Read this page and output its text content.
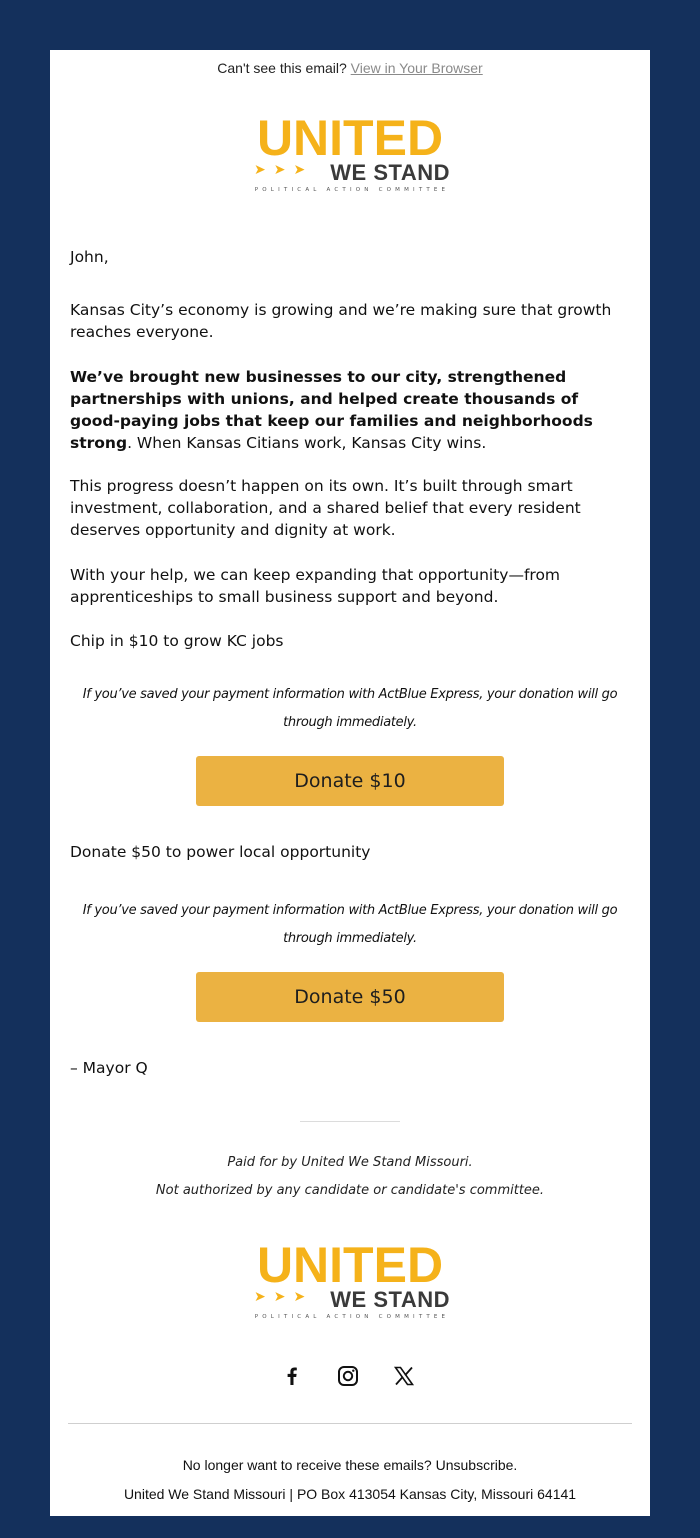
Can't see this email? View in Your Browser
UNITED
➤➤➤ WE STAND
POLITICAL ACTION COMMITTEE
John,
Kansas City’s economy is growing and we’re making sure that growth reaches everyone.
We’ve brought new businesses to our city, strengthened partnerships with unions, and helped create thousands of good-paying jobs that keep our families and neighborhoods strong. When Kansas Citians work, Kansas City wins.
This progress doesn’t happen on its own. It’s built through smart investment, collaboration, and a shared belief that every resident deserves opportunity and dignity at work.
With your help, we can keep expanding that opportunity—from apprenticeships to small business support and beyond.
Chip in $10 to grow KC jobs
If you’ve saved your payment information with ActBlue Express, your donation will go through immediately.
Donate $10
Donate $50 to power local opportunity
If you’ve saved your payment information with ActBlue Express, your donation will go through immediately.
Donate $50
– Mayor Q
Paid for by United We Stand Missouri.
Not authorized by any candidate or candidate's committee.
UNITED
➤➤➤ WE STAND
POLITICAL ACTION COMMITTEE
No longer want to receive these emails? Unsubscribe.
United We Stand Missouri | PO Box 413054 Kansas City, Missouri 64141
